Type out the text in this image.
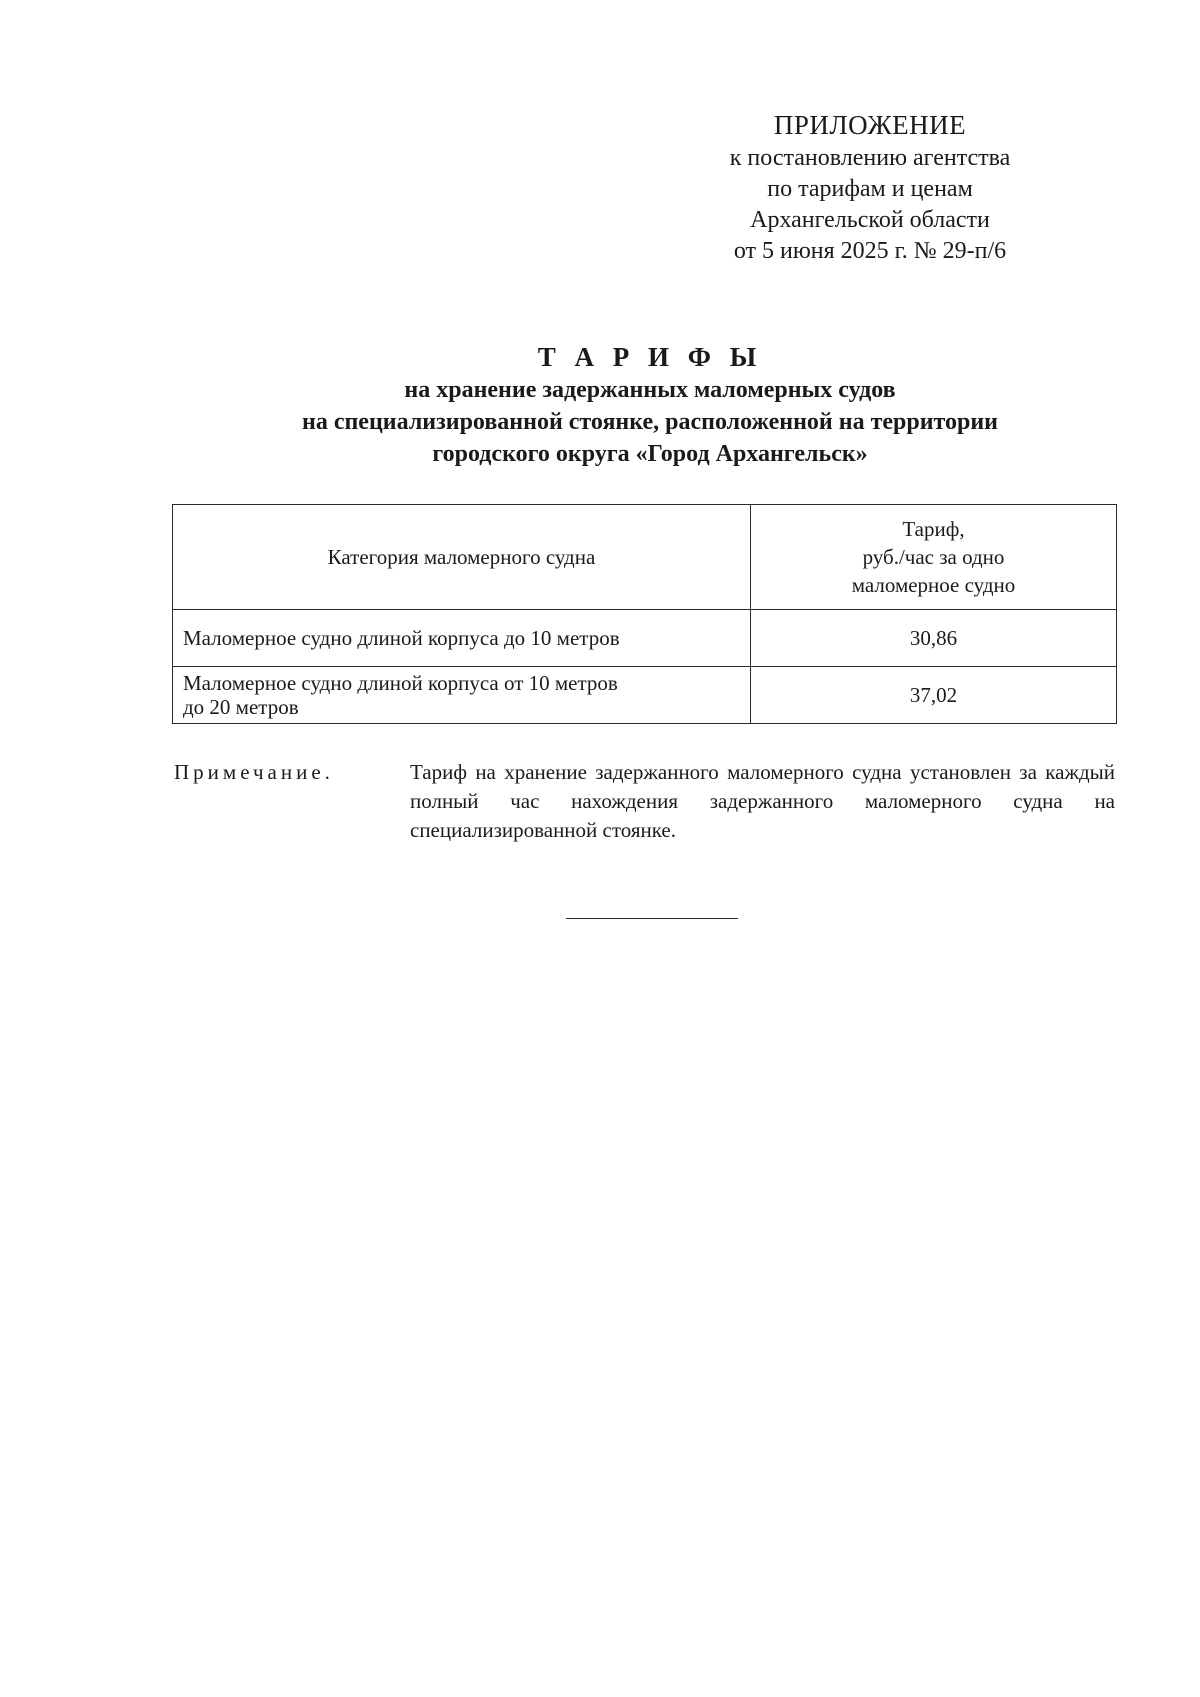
ПРИЛОЖЕНИЕ
к постановлению агентства
по тарифам и ценам
Архангельской области
от 5 июня 2025 г. № 29-п/6
Т А Р И Ф Ы
на хранение задержанных маломерных судов
на специализированной стоянке, расположенной на территории
городского округа «Город Архангельск»
Категория маломерного судна	Тариф,
руб./час за одно
маломерное судно

Маломерное судно длиной корпуса до 10 метров	30,86

Маломерное судно длиной корпуса от 10 метров
до 20 метров	37,02
Примечание.	Тариф на хранение задержанного маломерного судна установлен за каждый полный час нахождения задержанного маломерного судна на специализированной стоянке.
